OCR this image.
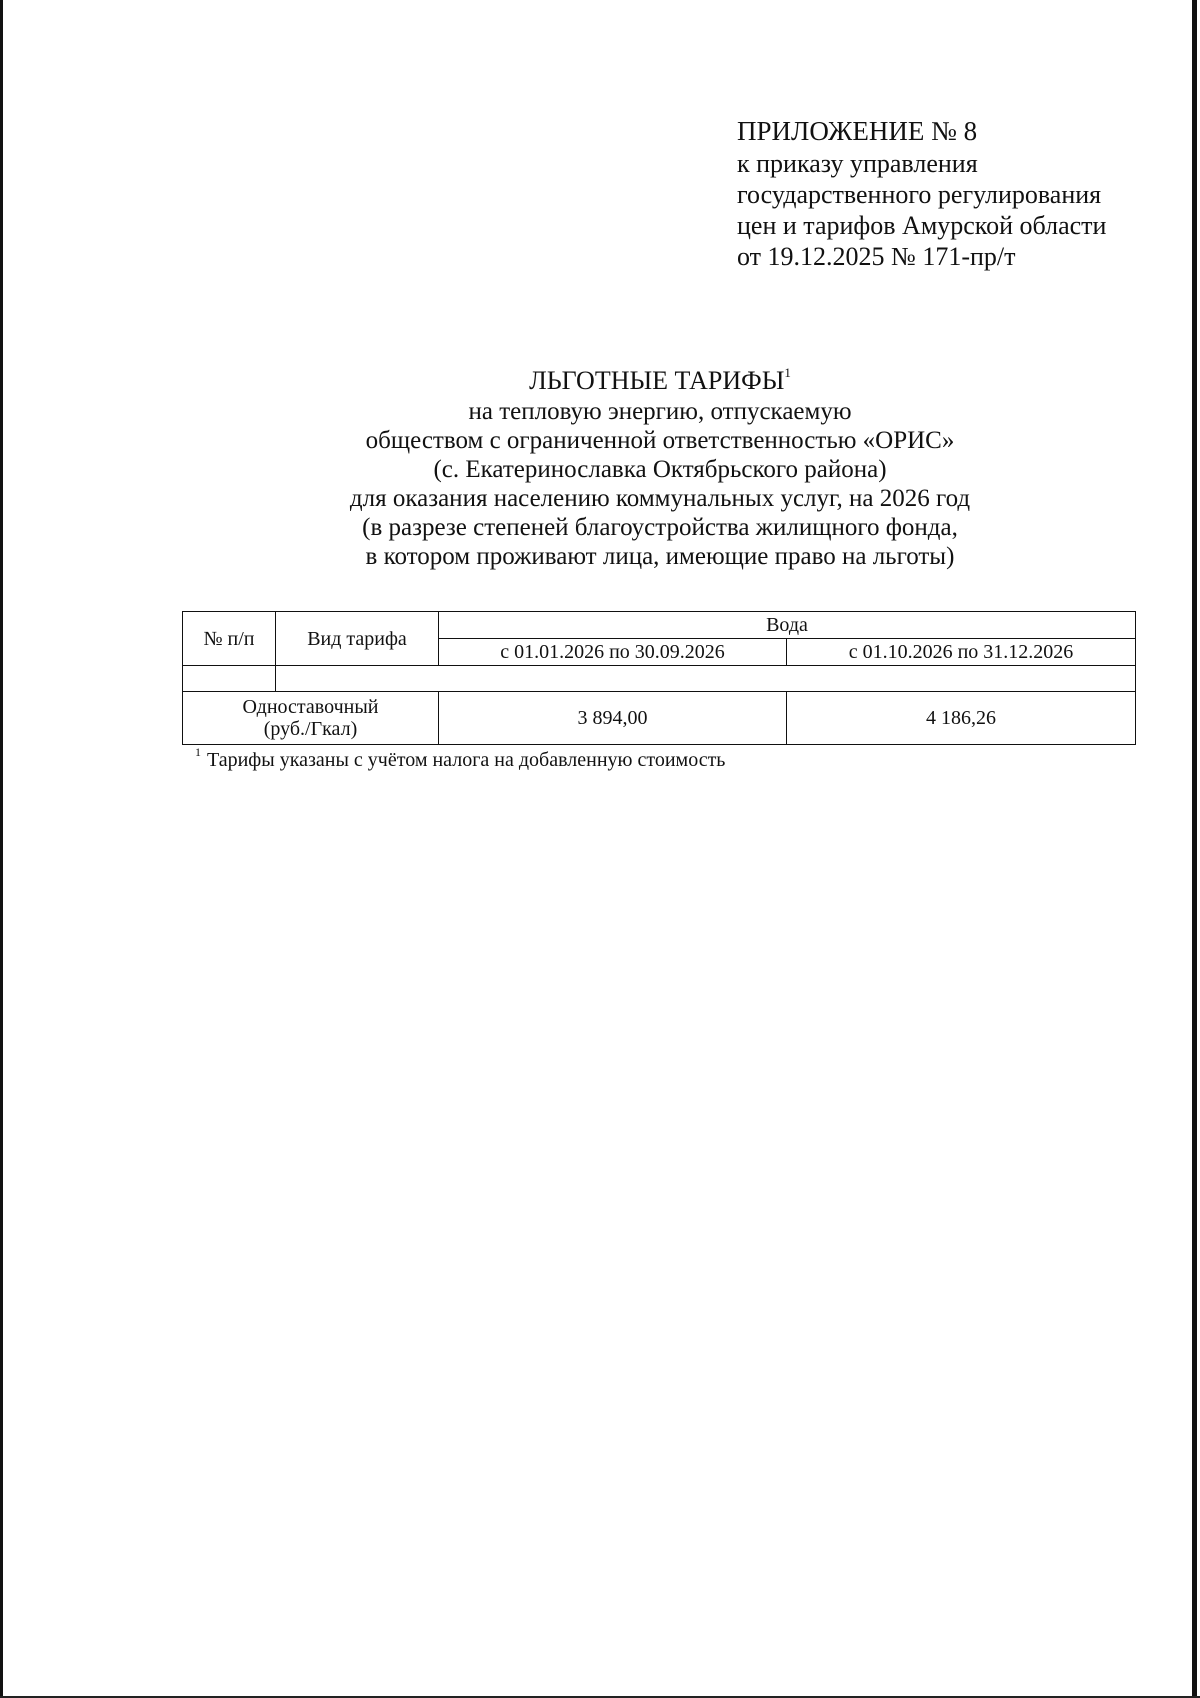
ПРИЛОЖЕНИЕ № 8
к приказу управления
государственного регулирования
цен и тарифов Амурской области
от 19.12.2025 № 171-пр/т
ЛЬГОТНЫЕ ТАРИФЫ$^1$
на тепловую энергию, отпускаемую
обществом с ограниченной ответственностью «ОРИС»
(с. Екатеринославка Октябрьского района)
для оказания населению коммунальных услуг, на 2026 год
(в разрезе степеней благоустройства жилищного фонда,
в котором проживают лица, имеющие право на льготы)
№ п/п	Вид тарифа	Вода	
		с 01.01.2026 по 30.09.2026	с 01.10.2026 по 31.12.2026

Одноставочный
(руб./Гкал)		3 894,00	4 186,26
$^1$ Тарифы указаны с учётом налога на добавленную стоимость
